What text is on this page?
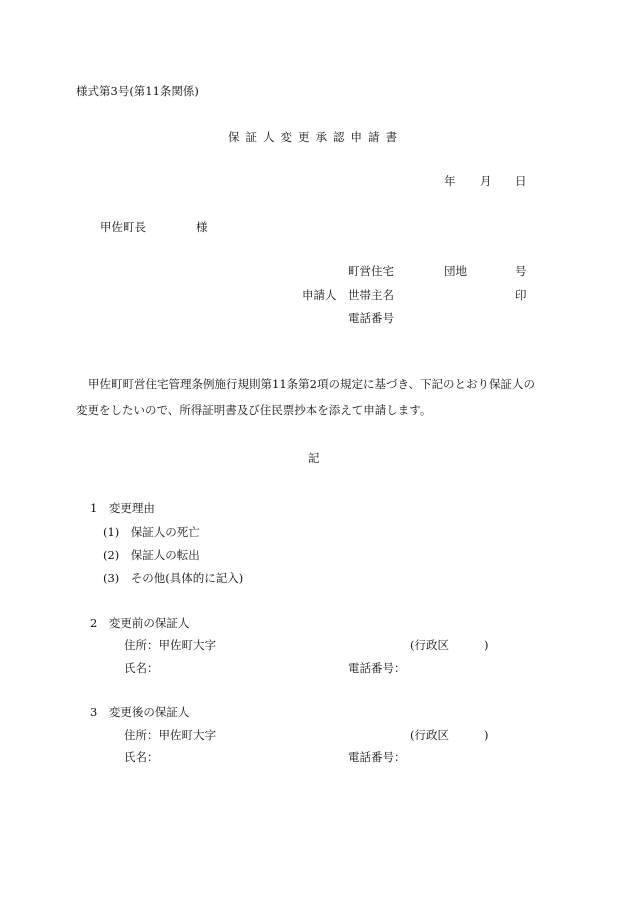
様式第3号(第11条関係)
保証人変更承認申請書
年 月 日
甲佐町長	様
町営住宅	団地	号
申請人 世帯主名	印
電話番号
甲佐町町営住宅管理条例施行規則第11条第2項の規定に基づき、下記のとおり保証人の
変更をしたいので、所得証明書及び住民票抄本を添えて申請します。
記
1　変更理由
(1)　保証人の死亡
(2)　保証人の転出
(3)　その他(具体的に記入)
2　変更前の保証人
住所：甲佐町大字	(行政区	)
氏名：	電話番号：
3　変更後の保証人
住所：甲佐町大字	(行政区	)
氏名：	電話番号：
